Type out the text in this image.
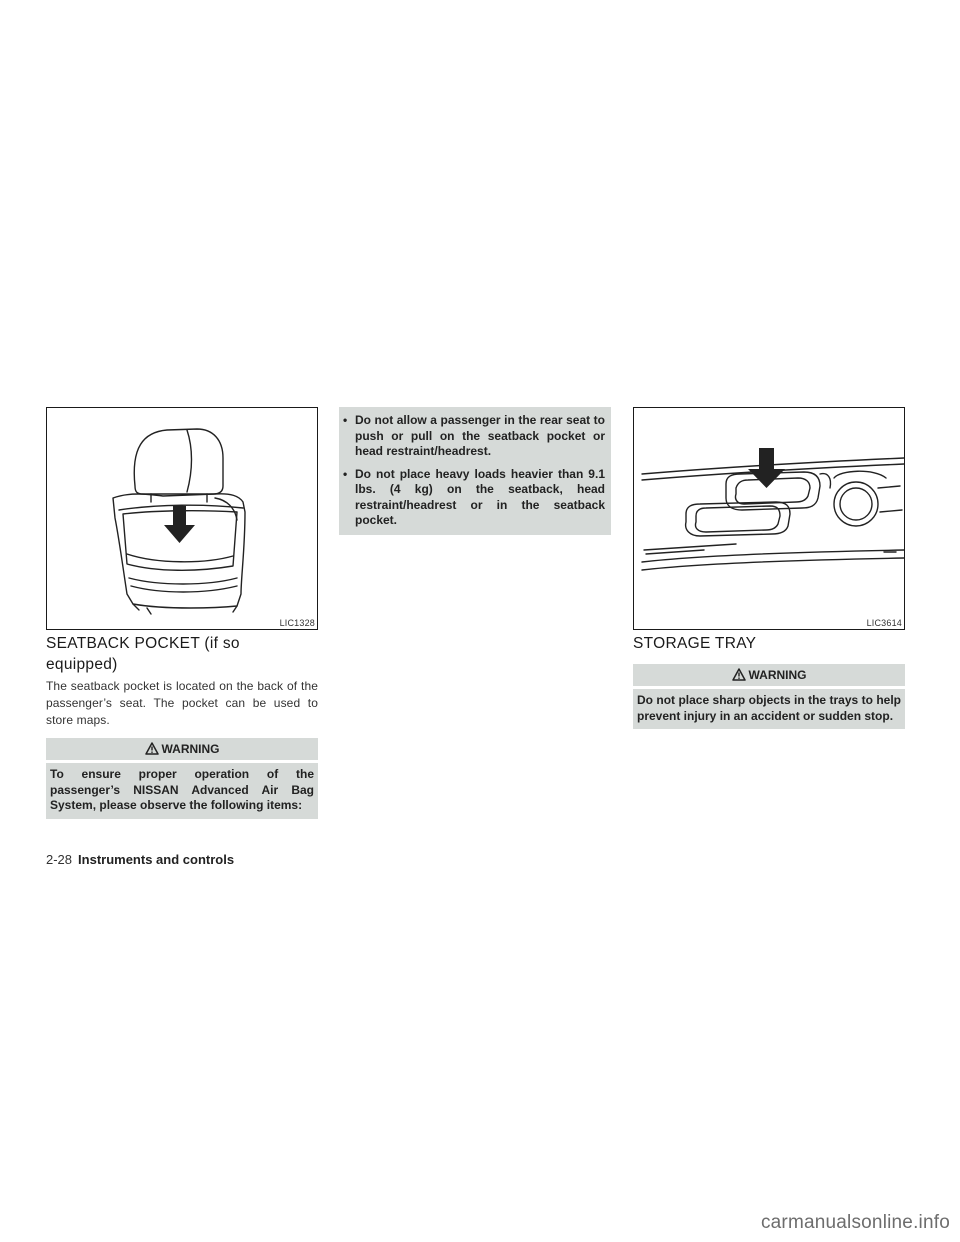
LIC1328
SEATBACK POCKET (if so equipped)
The seatback pocket is located on the back of the passenger’s seat. The pocket can be used to store maps.
WARNING
To ensure proper operation of the passenger’s NISSAN Advanced Air Bag System, please observe the following items:
• Do not allow a passenger in the rear seat to push or pull on the seatback pocket or head restraint/headrest.
• Do not place heavy loads heavier than 9.1 lbs. (4 kg) on the seatback, head restraint/headrest or in the seatback pocket.
LIC3614
STORAGE TRAY
WARNING
Do not place sharp objects in the trays to help prevent injury in an accident or sudden stop.
2-28 Instruments and controls
carmanualsonline.info
